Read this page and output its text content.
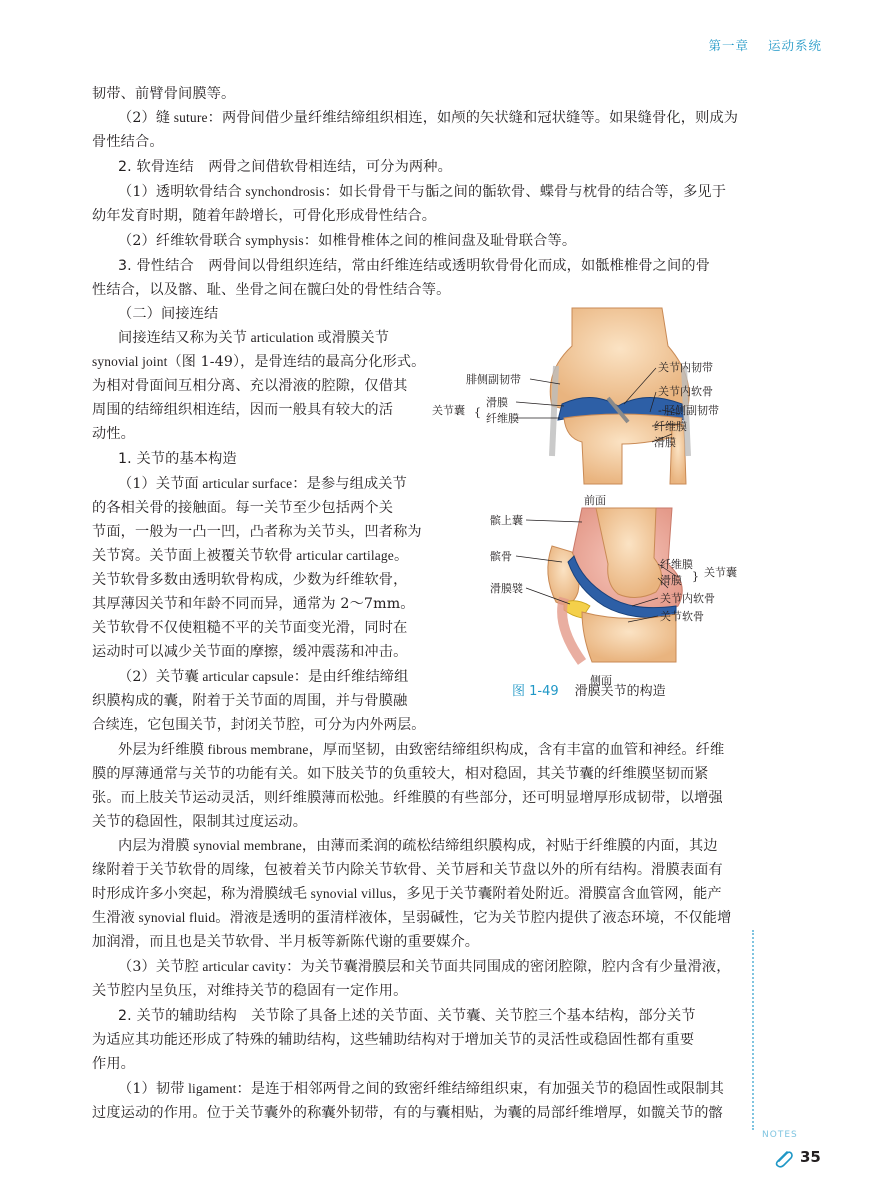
第一章 运动系统
韧带、前臂骨间膜等。
（2）缝 suture：两骨间借少量纤维结缔组织相连，如颅的矢状缝和冠状缝等。如果缝骨化，则成为
骨性结合。
2. 软骨连结　两骨之间借软骨相连结，可分为两种。
（1）透明软骨结合 synchondrosis：如长骨骨干与骺之间的骺软骨、蝶骨与枕骨的结合等，多见于
幼年发育时期，随着年龄增长，可骨化形成骨性结合。
（2）纤维软骨联合 symphysis：如椎骨椎体之间的椎间盘及耻骨联合等。
3. 骨性结合　两骨间以骨组织连结，常由纤维连结或透明软骨骨化而成，如骶椎椎骨之间的骨
性结合，以及髂、耻、坐骨之间在髋臼处的骨性结合等。
（二）间接连结
间接连结又称为关节 articulation 或滑膜关节
synovial joint（图 1-49），是骨连结的最高分化形式。
为相对骨面间互相分离、充以滑液的腔隙，仅借其
周围的结缔组织相连结，因而一般具有较大的活
动性。
1. 关节的基本构造
（1）关节面 articular surface：是参与组成关节
的各相关骨的接触面。每一关节至少包括两个关
节面，一般为一凸一凹，凸者称为关节头，凹者称为
关节窝。关节面上被覆关节软骨 articular cartilage。
关节软骨多数由透明软骨构成，少数为纤维软骨，
其厚薄因关节和年龄不同而异，通常为 2～7mm。
关节软骨不仅使粗糙不平的关节面变光滑，同时在
运动时可以减少关节面的摩擦，缓冲震荡和冲击。
（2）关节囊 articular capsule：是由纤维结缔组
织膜构成的囊，附着于关节面的周围，并与骨膜融
合续连，它包围关节，封闭关节腔，可分为内外两层。
外层为纤维膜 fibrous membrane，厚而坚韧，由致密结缔组织构成，含有丰富的血管和神经。纤维
膜的厚薄通常与关节的功能有关。如下肢关节的负重较大，相对稳固，其关节囊的纤维膜坚韧而紧
张。而上肢关节运动灵活，则纤维膜薄而松弛。纤维膜的有些部分，还可明显增厚形成韧带，以增强
关节的稳固性，限制其过度运动。
内层为滑膜 synovial membrane，由薄而柔润的疏松结缔组织膜构成，衬贴于纤维膜的内面，其边
缘附着于关节软骨的周缘，包被着关节内除关节软骨、关节唇和关节盘以外的所有结构。滑膜表面有
时形成许多小突起，称为滑膜绒毛 synovial villus，多见于关节囊附着处附近。滑膜富含血管网，能产
生滑液 synovial fluid。滑液是透明的蛋清样液体，呈弱碱性，它为关节腔内提供了液态环境，不仅能增
加润滑，而且也是关节软骨、半月板等新陈代谢的重要媒介。
（3）关节腔 articular cavity：为关节囊滑膜层和关节面共同围成的密闭腔隙，腔内含有少量滑液，
关节腔内呈负压，对维持关节的稳固有一定作用。
2. 关节的辅助结构　关节除了具备上述的关节面、关节囊、关节腔三个基本结构，部分关节
为适应其功能还形成了特殊的辅助结构，这些辅助结构对于增加关节的灵活性或稳固性都有重要
作用。
（1）韧带 ligament：是连于相邻两骨之间的致密纤维结缔组织束，有加强关节的稳固性或限制其
过度运动的作用。位于关节囊外的称囊外韧带，有的与囊相贴，为囊的局部纤维增厚，如髋关节的髂
前面
腓侧副韧带
关节囊 {
滑膜
纤维膜
关节内韧带
关节内软骨
胫侧副韧带
纤维膜
滑膜
-
侧面
髌上囊
髌骨
滑膜襞
纤维膜
滑膜 } 关节囊
关节内软骨
关节软骨
图 1-49 滑膜关节的构造
NOTES
35
